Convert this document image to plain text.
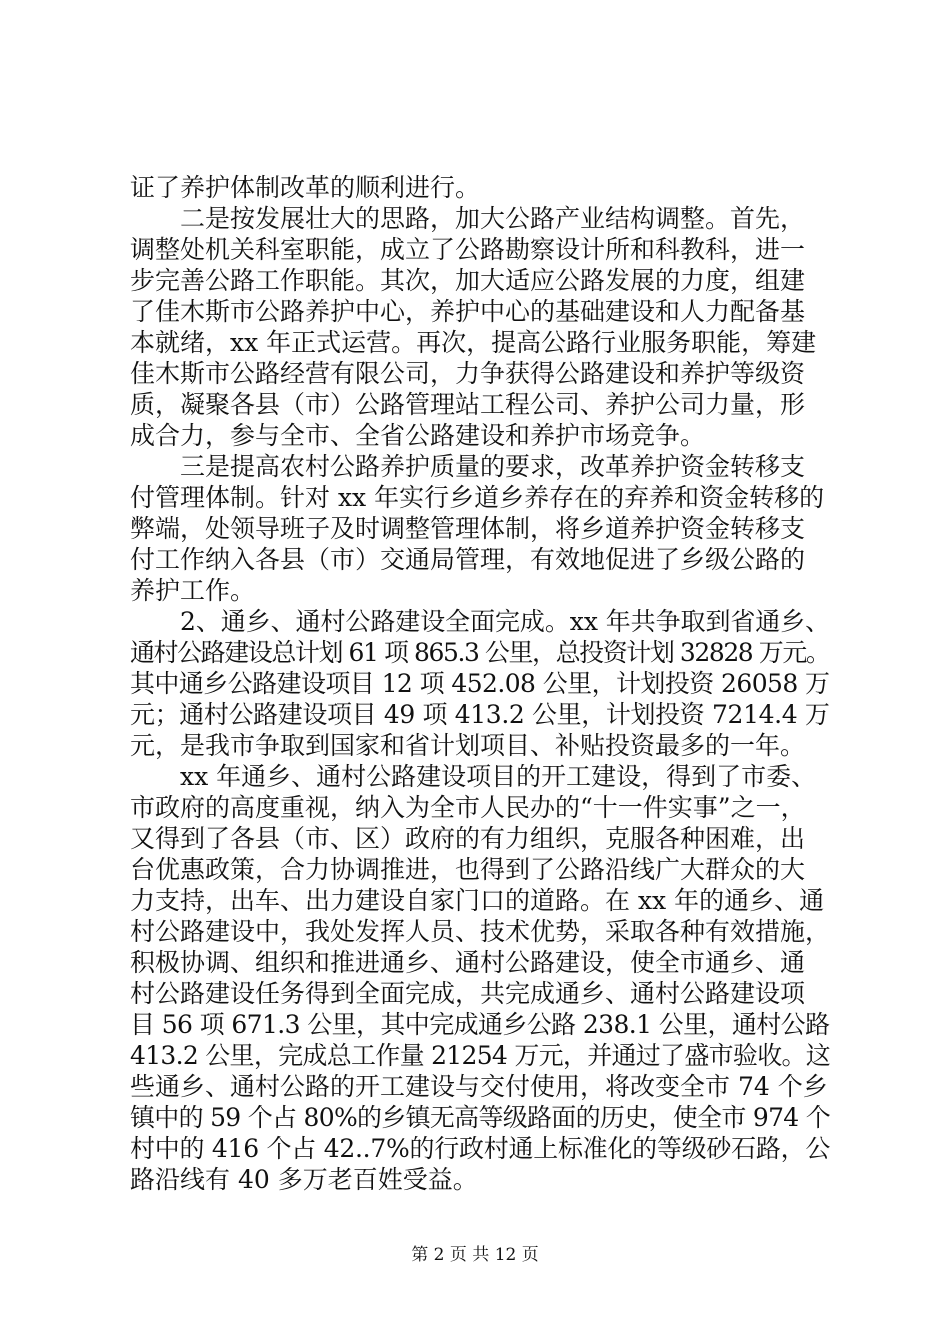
证了养护体制改革的顺利进行。
二是按发展壮大的思路，加大公路产业结构调整。首先，
调整处机关科室职能，成立了公路勘察设计所和科教科，进一
步完善公路工作职能。其次，加大适应公路发展的力度，组建
了佳木斯市公路养护中心，养护中心的基础建设和人力配备基
本就绪，xx 年正式运营。再次，提高公路行业服务职能，筹建
佳木斯市公路经营有限公司，力争获得公路建设和养护等级资
质，凝聚各县（市）公路管理站工程公司、养护公司力量，形
成合力，参与全市、全省公路建设和养护市场竞争。
三是提高农村公路养护质量的要求，改革养护资金转移支
付管理体制。针对 xx 年实行乡道乡养存在的弃养和资金转移的
弊端，处领导班子及时调整管理体制，将乡道养护资金转移支
付工作纳入各县（市）交通局管理，有效地促进了乡级公路的
养护工作。
2、通乡、通村公路建设全面完成。xx 年共争取到省通乡、
通村公路建设总计划 61 项 865.3 公里，总投资计划 32828 万元。
其中通乡公路建设项目 12 项 452.08 公里，计划投资 26058 万
元；通村公路建设项目 49 项 413.2 公里，计划投资 7214.4 万
元，是我市争取到国家和省计划项目、补贴投资最多的一年。
xx 年通乡、通村公路建设项目的开工建设，得到了市委、
市政府的高度重视，纳入为全市人民办的“十一件实事”之一，
又得到了各县（市、区）政府的有力组织，克服各种困难，出
台优惠政策，合力协调推进，也得到了公路沿线广大群众的大
力支持，出车、出力建设自家门口的道路。在 xx 年的通乡、通
村公路建设中，我处发挥人员、技术优势，采取各种有效措施，
积极协调、组织和推进通乡、通村公路建设，使全市通乡、通
村公路建设任务得到全面完成，共完成通乡、通村公路建设项
目 56 项 671.3 公里，其中完成通乡公路 238.1 公里，通村公路
413.2 公里，完成总工作量 21254 万元，并通过了盛市验收。这
些通乡、通村公路的开工建设与交付使用，将改变全市 74 个乡
镇中的 59 个占 80%的乡镇无高等级路面的历史，使全市 974 个
村中的 416 个占 42..7%的行政村通上标准化的等级砂石路，公
路沿线有 40 多万老百姓受益。
第 2 页 共 12 页
